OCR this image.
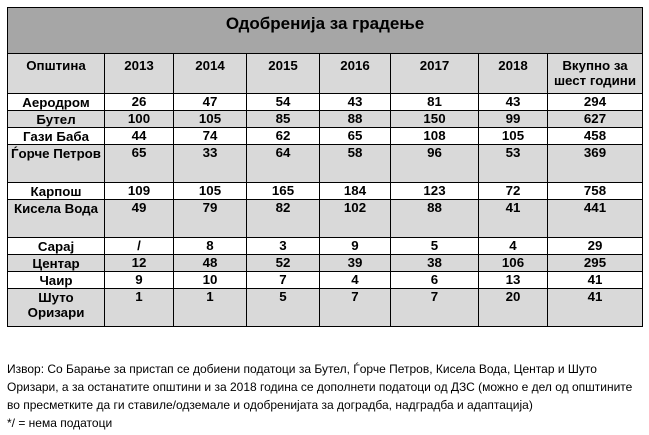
Одобренија за градење							
Општина	2013	2014	2015	2016	2017	2018	Вкупно за шест години
Аеродром	26	47	54	43	81	43	294
Бутел	100	105	85	88	150	99	627
Гази Баба	44	74	62	65	108	105	458
Ѓорче Петров	65	33	64	58	96	53	369
Карпош	109	105	165	184	123	72	758
Кисела Вода	49	79	82	102	88	41	441
Сарај	/	8	3	9	5	4	29
Центар	12	48	52	39	38	106	295
Чаир	9	10	7	4	6	13	41
Шуто Оризари	1	1	5	7	7	20	41

Извор: Со Барање за пристап се добиени податоци за Бутел, Ѓорче Петров, Кисела Вода, Центар и Шуто Оризари, а за останатите општини и за 2018 година се дополнети податоци од ДЗС (можно е дел од општините во пресметките да ги ставиле/одземале и одобренијата за доградба, надградба и адаптација)

*/ = нема податоци
